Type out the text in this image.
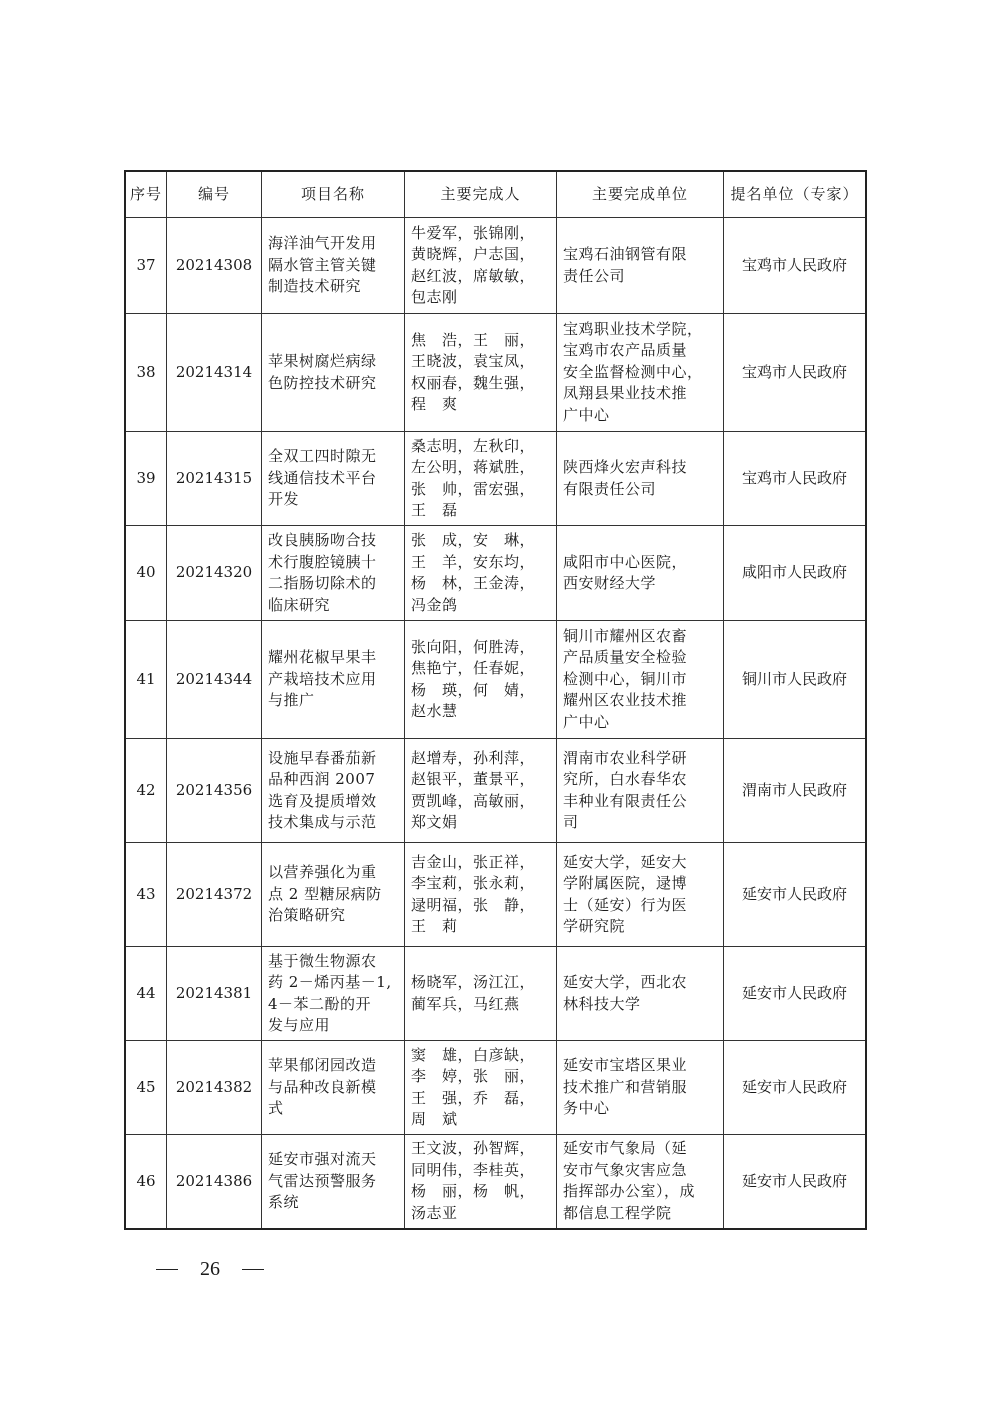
序号	编号	项目名称	主要完成人	主要完成单位	提名单位（专家）
37	20214308	海洋油气开发用
隔水管主管关键
制造技术研究	牛爱军，张锦刚，
黄晓辉，户志国，
赵红波，席敏敏，
包志刚	宝鸡石油钢管有限
责任公司	宝鸡市人民政府
38	20214314	苹果树腐烂病绿
色防控技术研究	焦　浩，王　丽，
王晓波，袁宝凤，
权丽春，魏生强，
程　爽	宝鸡职业技术学院，
宝鸡市农产品质量
安全监督检测中心，
凤翔县果业技术推
广中心	宝鸡市人民政府
39	20214315	全双工四时隙无
线通信技术平台
开发	桑志明，左秋印，
左公明，蒋斌胜，
张　帅，雷宏强，
王　磊	陕西烽火宏声科技
有限责任公司	宝鸡市人民政府
40	20214320	改良胰肠吻合技
术行腹腔镜胰十
二指肠切除术的
临床研究	张　成，安　琳，
王　羊，安东均，
杨　林，王金涛，
冯金鸽	咸阳市中心医院，
西安财经大学	咸阳市人民政府
41	20214344	耀州花椒早果丰
产栽培技术应用
与推广	张向阳，何胜涛，
焦艳宁，任春妮，
杨　瑛，何　婧，
赵水慧	铜川市耀州区农畜
产品质量安全检验
检测中心，铜川市
耀州区农业技术推
广中心	铜川市人民政府
42	20214356	设施早春番茄新
品种西润 2007
选育及提质增效
技术集成与示范	赵增寿，孙利萍，
赵银平，董景平，
贾凯峰，高敏丽，
郑文娟	渭南市农业科学研
究所，白水春华农
丰种业有限责任公
司	渭南市人民政府
43	20214372	以营养强化为重
点 2 型糖尿病防
治策略研究	吉金山，张正祥，
李宝莉，张永莉，
逯明福，张　静，
王　莉	延安大学，延安大
学附属医院，逯博
士（延安）行为医
学研究院	延安市人民政府
44	20214381	基于微生物源农
药 2－烯丙基－1,
4－苯二酚的开
发与应用	杨晓军，汤江江，
蔺军兵，马红燕	延安大学，西北农
林科技大学	延安市人民政府
45	20214382	苹果郁闭园改造
与品种改良新模
式	窦　雄，白彦缺，
李　婷，张　丽，
王　强，乔　磊，
周　斌	延安市宝塔区果业
技术推广和营销服
务中心	延安市人民政府
46	20214386	延安市强对流天
气雷达预警服务
系统	王文波，孙智辉，
同明伟，李桂英，
杨　丽，杨　帆，
汤志亚	延安市气象局（延
安市气象灾害应急
指挥部办公室），成
都信息工程学院	延安市人民政府
26
